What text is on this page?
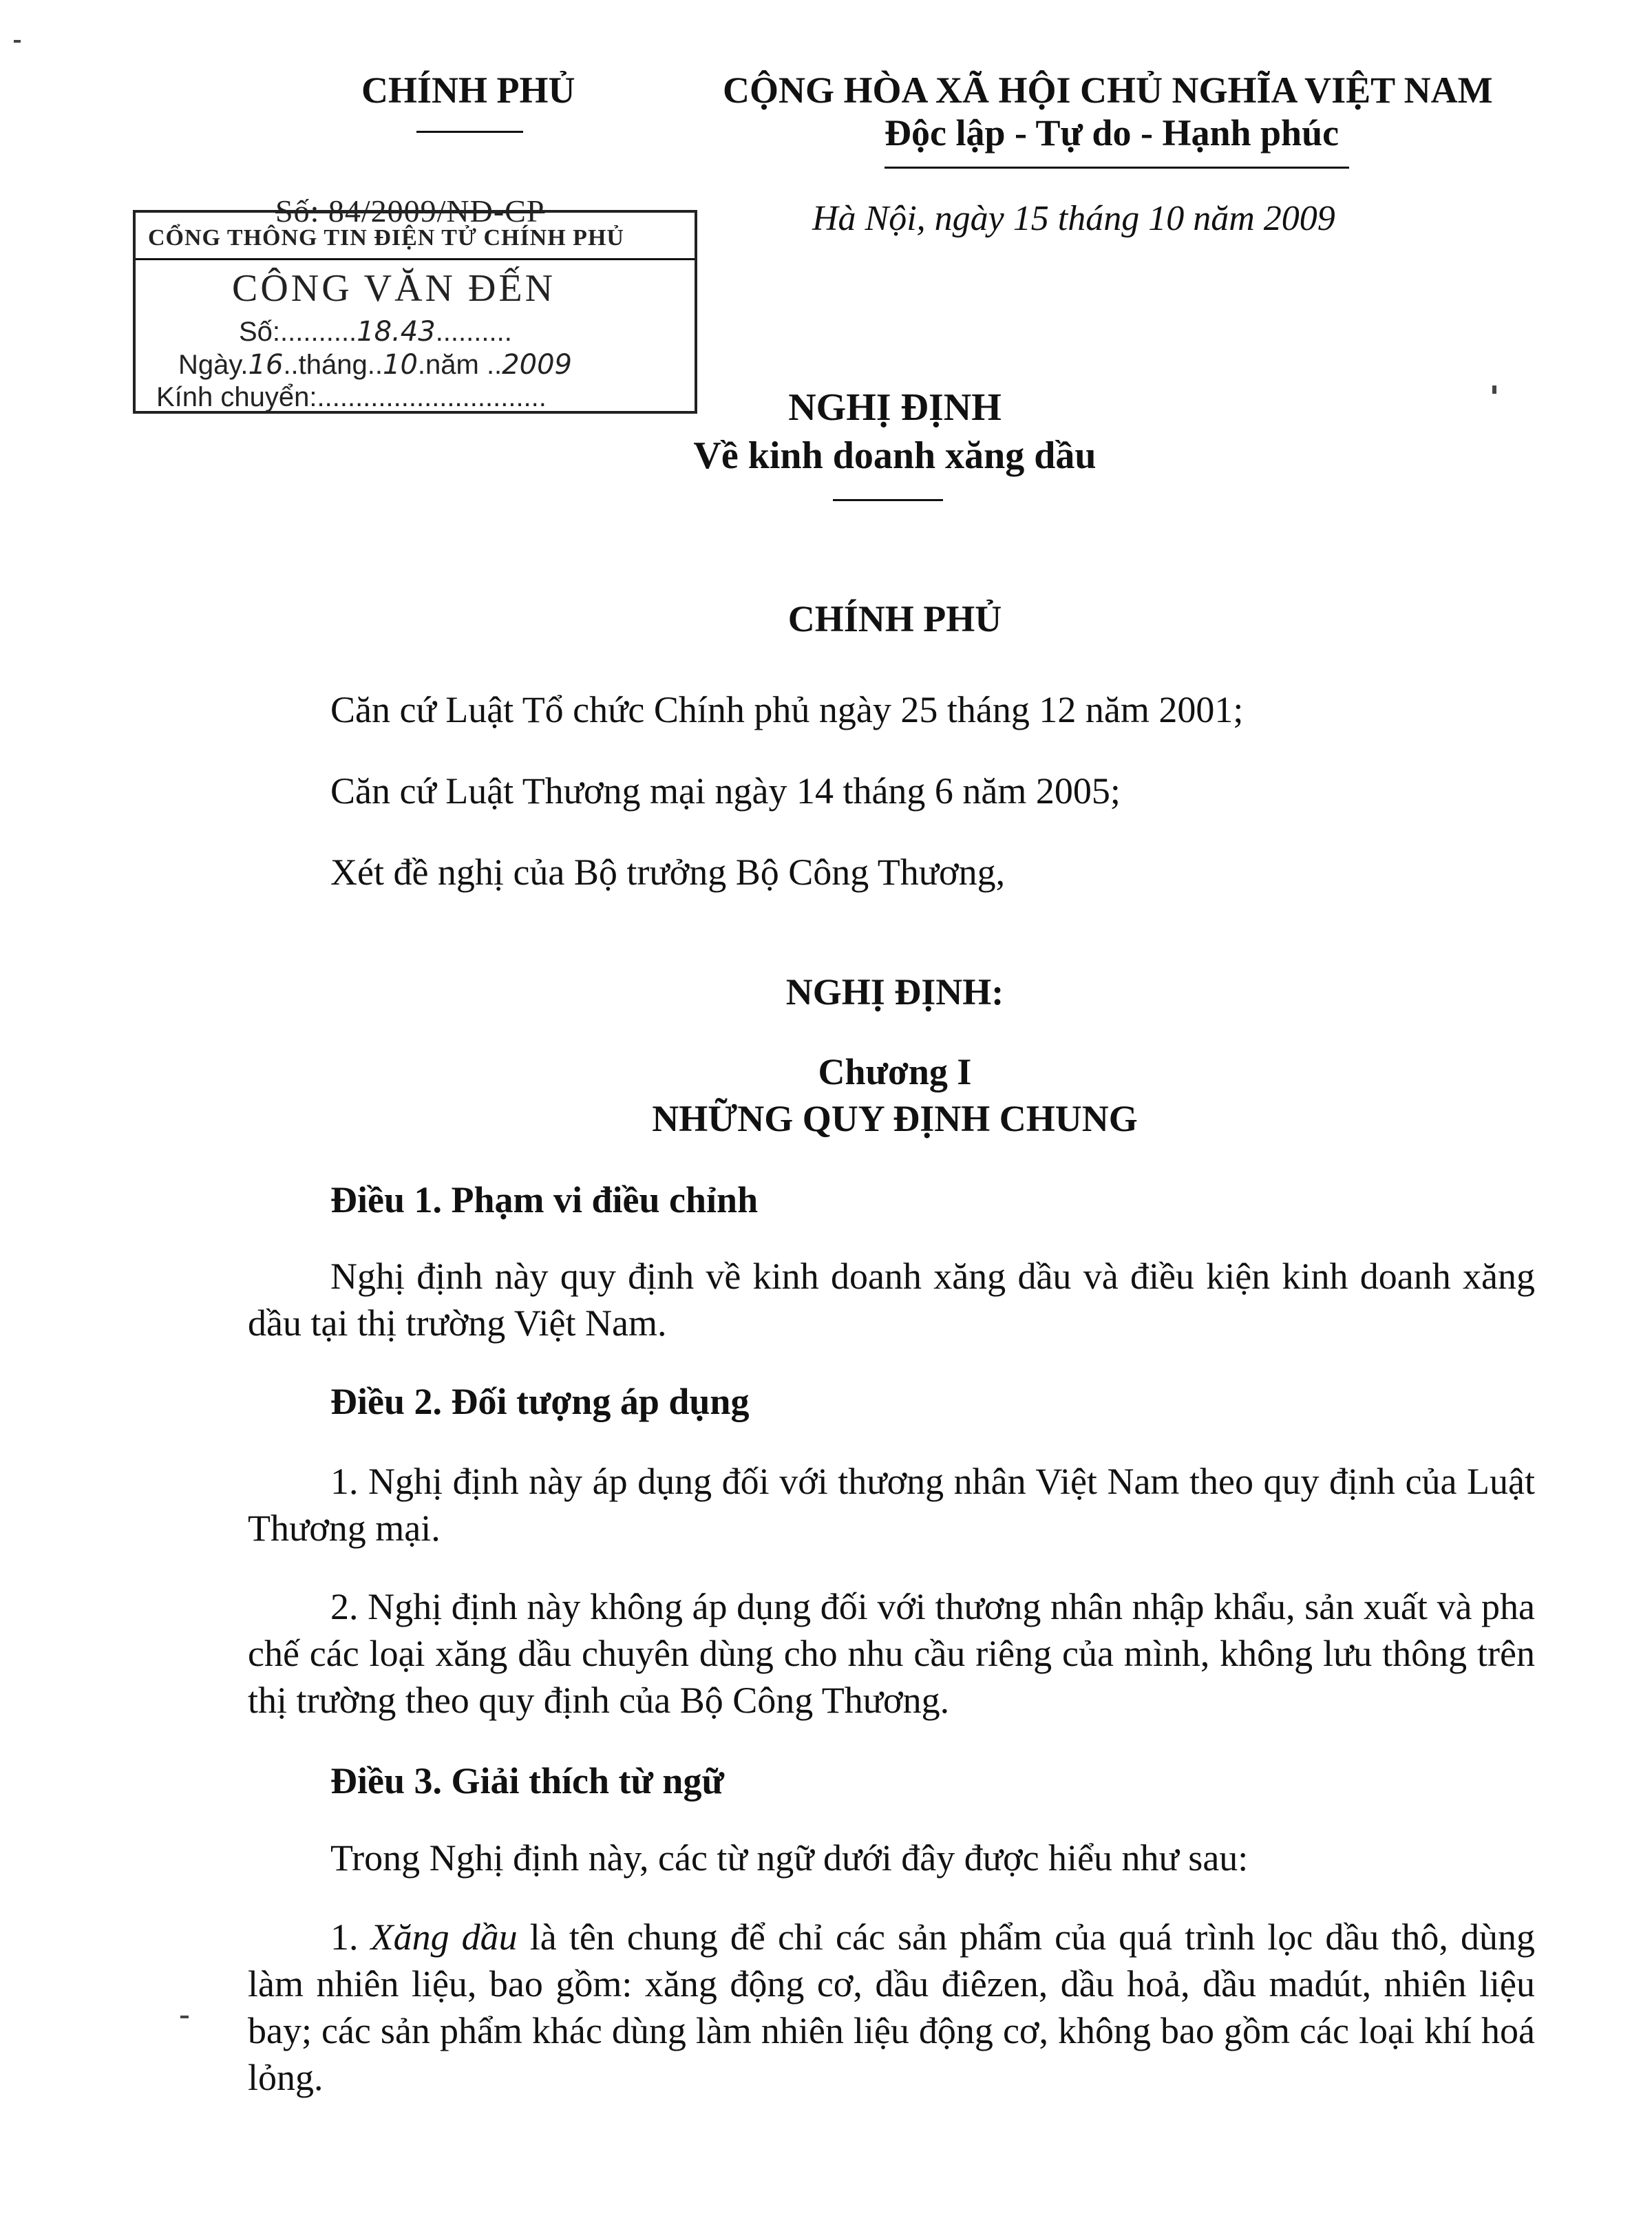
CHÍNH PHỦ	CỘNG HÒA XÃ HỘI CHỦ NGHĨA VIỆT NAM
Độc lập - Tự do - Hạnh phúc
Số: 84/2009/NĐ-CP	Hà Nội, ngày 15 tháng 10 năm 2009
CỔNG THÔNG TIN ĐIỆN TỬ CHÍNH PHỦ
CÔNG VĂN ĐẾN
Số:..........18.43..........
Ngày.16..tháng..10.năm ..2009
Kính chuyển:..............................	NGHỊ ĐỊNH
Về kinh doanh xăng dầu
CHÍNH PHỦ
Căn cứ Luật Tổ chức Chính phủ ngày 25 tháng 12 năm 2001;
Căn cứ Luật Thương mại ngày 14 tháng 6 năm 2005;
Xét đề nghị của Bộ trưởng Bộ Công Thương,
NGHỊ ĐỊNH:
Chương I
NHỮNG QUY ĐỊNH CHUNG
Điều 1. Phạm vi điều chỉnh
Nghị định này quy định về kinh doanh xăng dầu và điều kiện kinh doanh xăng dầu tại thị trường Việt Nam.
Điều 2. Đối tượng áp dụng
1. Nghị định này áp dụng đối với thương nhân Việt Nam theo quy định của Luật Thương mại.
2. Nghị định này không áp dụng đối với thương nhân nhập khẩu, sản xuất và pha chế các loại xăng dầu chuyên dùng cho nhu cầu riêng của mình, không lưu thông trên thị trường theo quy định của Bộ Công Thương.
Điều 3. Giải thích từ ngữ
Trong Nghị định này, các từ ngữ dưới đây được hiểu như sau:
1. Xăng dầu là tên chung để chỉ các sản phẩm của quá trình lọc dầu thô, dùng làm nhiên liệu, bao gồm: xăng động cơ, dầu điêzen, dầu hoả, dầu madút, nhiên liệu bay; các sản phẩm khác dùng làm nhiên liệu động cơ, không bao gồm các loại khí hoá lỏng.
